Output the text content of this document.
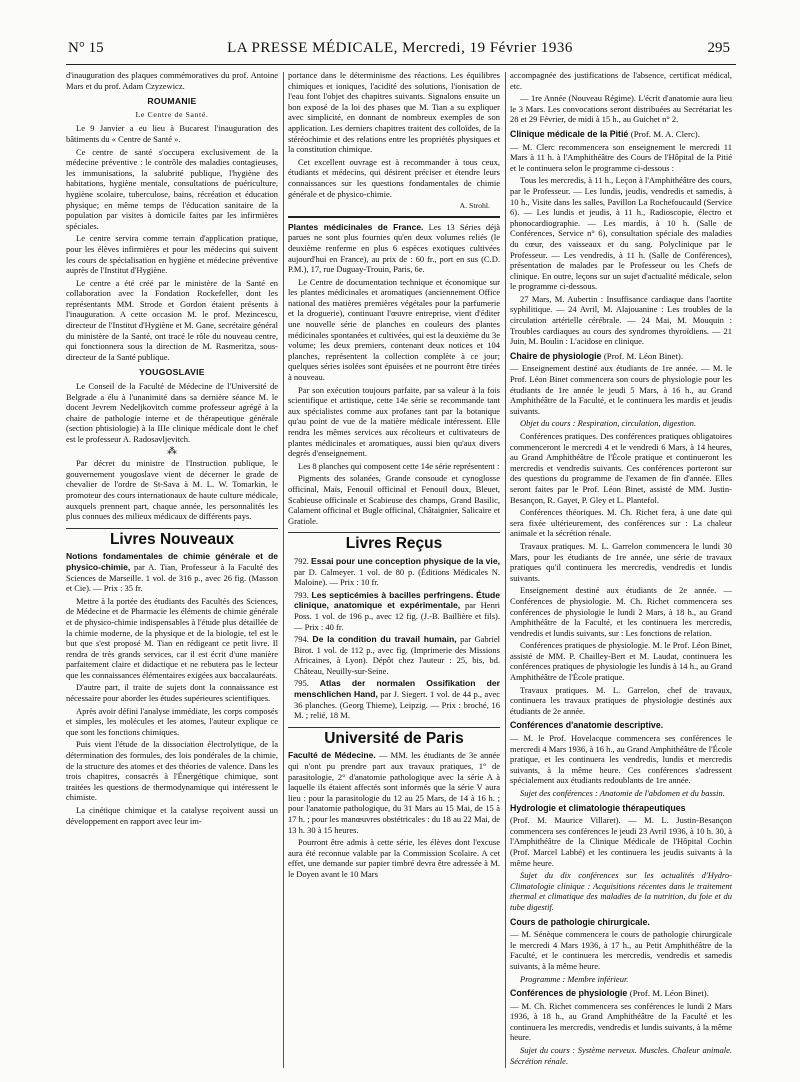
N° 15	LA PRESSE MÉDICALE, Mercredi, 19 Février 1936	295

d'inauguration des plaques commémoratives du prof. Antoine Mars et du prof. Adam Czyzewicz.

ROUMANIE
Le Centre de Santé.

Le 9 Janvier a eu lieu à Bucarest l'inauguration des bâtiments du « Centre de Santé ».

Ce centre de santé s'occupera exclusivement de la médecine préventive : le contrôle des maladies contagieuses, les immunisations, la salubrité publique, l'hygiène des habitations, hygiène mentale, consultations de puériculture, hygiène scolaire, tuberculose, bains, récréation et éducation physique; en même temps de l'éducation sanitaire de la population par visites à domicile faites par les infirmières spéciales.

Le centre servira comme terrain d'application pratique, pour les élèves infirmières et pour les médecins qui suivent les cours de spécialisation en hygiène et médecine préventive auprès de l'Institut d'Hygiène.

Le centre a été créé par le ministère de la Santé en collaboration avec la Fondation Rockefeller, dont les représentants MM. Strode et Gordon étaient présents à l'inauguration. A cette occasion M. le prof. Mezincescu, directeur de l'Institut d'Hygiène et M. Gane, secrétaire général du ministère de la Santé, ont tracé le rôle du nouveau centre, qui fonctionnera sous la direction de M. Rasmeritza, sous-directeur de la Santé publique.

YOUGOSLAVIE

Le Conseil de la Faculté de Médecine de l'Université de Belgrade a élu à l'unanimité dans sa dernière séance M. le docent Jevrem Nedeljkovitch comme professeur agrégé à la chaire de pathologie interne et de thérapeutique générale (section phtisiologie) à la IIIe clinique médicale dont le chef est le professeur A. Radosavljevitch.

⁂

Par décret du ministre de l'Instruction publique, le gouvernement yougoslave vient de décerner le grade de chevalier de l'ordre de St-Sava à M. L. W. Tomarkin, le promoteur des cours internationaux de haute culture médicale, auxquels prennent part, chaque année, les personnalités les plus connues des milieux médicaux de différents pays.

Livres Nouveaux

Notions fondamentales de chimie générale et de physico-chimie, par A. Tian, Professeur à la Faculté des Sciences de Marseille. 1 vol. de 316 p., avec 26 fig. (Masson et Cie). — Prix : 35 fr.

Mettre à la portée des étudiants des Facultés des Sciences, de Médecine et de Pharmacie les éléments de chimie générale et de physico-chimie indispensables à l'étude plus détaillée de la chimie moderne, de la physique et de la biologie, tel est le but que s'est proposé M. Tian en rédigeant ce petit livre. Il rendra de très grands services, car il est écrit d'une manière parfaitement claire et didactique et ne rebutera pas le lecteur que les connaissances élémentaires exigées aux baccalauréats.

D'autre part, il traite de sujets dont la connaissance est nécessaire pour aborder les études supérieures scientifiques.

Après avoir défini l'analyse immédiate, les corps composés et simples, les molécules et les atomes, l'auteur explique ce que sont les fonctions chimiques.

Puis vient l'étude de la dissociation électrolytique, de la détermination des formules, des lois pondérales de la chimie, de la structure des atomes et des théories de valence. Dans les trois chapitres, consacrés à l'Énergétique chimique, sont traitées les questions de thermodynamique qui intéressent le chimiste.

La cinétique chimique et la catalyse reçoivent aussi un développement en rapport avec leur im-

portance dans le déterminisme des réactions. Les équilibres chimiques et ioniques, l'acidité des solutions, l'ionisation de l'eau font l'objet des chapitres suivants. Signalons ensuite un bon exposé de la loi des phases que M. Tian a su expliquer avec simplicité, en donnant de nombreux exemples de son application. Les derniers chapitres traitent des colloïdes, de la stéréochimie et des relations entre les propriétés physiques et la constitution chimique.

Cet excellent ouvrage est à recommander à tous ceux, étudiants et médecins, qui désirent préciser et étendre leurs connaissances sur les questions fondamentales de chimie générale et de physico-chimie.

A. Strohl.

Plantes médicinales de France. Les 13 Séries déjà parues ne sont plus fournies qu'en deux volumes reliés (le deuxième renferme en plus 6 espèces exotiques cultivées aujourd'hui en France), au prix de : 60 fr., port en sus (C.D. P.M.), 17, rue Duguay-Trouin, Paris, 6e.

Le Centre de documentation technique et économique sur les plantes médicinales et aromatiques (anciennement Office national des matières premières végétales pour la parfumerie et la droguerie), continuant l'œuvre entreprise, vient d'éditer une nouvelle série de planches en couleurs des plantes médicinales spontanées et cultivées, qui est la deuxième du 3e volume; les deux premiers, contenant deux notices et 104 planches, représentent la collection complète à ce jour; quelques séries isolées sont épuisées et ne pourront être tirées à nouveau.

Par son exécution toujours parfaite, par sa valeur à la fois scientifique et artistique, cette 14e série se recommande tant aux spécialistes comme aux profanes tant par la botanique qu'au point de vue de la matière médicale intéressent. Elle rendra les mêmes services aux récolteurs et cultivateurs de plantes médicinales et aromatiques, aussi bien qu'aux divers degrés d'enseignement.

Les 8 planches qui composent cette 14e série représentent :

Pigments des solanées, Grande consoude et cynoglosse officinal, Maïs, Fenouil officinal et Fenouil doux, Bleuet, Scabieuse officinale et Scabieuse des champs, Grand Basilic, Calament officinal et Bugle officinal, Châtaignier, Salicaire et Gratiole.

Livres Reçus

792. Essai pour une conception physique de la vie, par D. Calmeyer. 1 vol. de 80 p. (Éditions Médicales N. Maloine). — Prix : 10 fr.

793. Les septicémies à bacilles perfringens. Étude clinique, anatomique et expérimentale, par Henri Poss. 1 vol. de 196 p., avec 12 fig. (J.-B. Baillière et fils). — Prix : 40 fr.

794. De la condition du travail humain, par Gabriel Birot. 1 vol. de 112 p., avec fig. (Imprimerie des Missions Africaines, à Lyon). Dépôt chez l'auteur : 25, bis, bd. Château, Neuilly-sur-Seine.

795. Atlas der normalen Ossifikation der menschlichen Hand, par J. Siegert. 1 vol. de 44 p., avec 36 planches. (Georg Thieme), Leipzig. — Prix : broché, 16 M. ; relié, 18 M.

Université de Paris

Faculté de Médecine. — MM. les étudiants de 3e année qui n'ont pu prendre part aux travaux pratiques, 1° de parasitologie, 2° d'anatomie pathologique avec la série A à laquelle ils étaient affectés sont informés que la série V aura lieu : pour la parasitologie du 12 au 25 Mars, de 14 à 16 h. ; pour l'anatomie pathologique, du 31 Mars au 15 Mai, de 15 à 17 h. ; pour les manœuvres obstétricales : du 18 au 22 Mai, de 13 h. 30 à 15 heures.

Pourront être admis à cette série, les élèves dont l'excuse aura été reconnue valable par la Commission Scolaire. A cet effet, une demande sur papier timbré devra être adressée à M. le Doyen avant le 10 Mars

accompagnée des justifications de l'absence, certificat médical, etc.

— 1re Année (Nouveau Régime). L'écrit d'anatomie aura lieu le 3 Mars. Les convocations seront distribuées au Secrétariat les 28 et 29 Février, de midi à 15 h., au Guichet n° 2.

Clinique médicale de la Pitié (Prof. M. A. Clerc).

— M. Clerc recommencera son enseignement le mercredi 11 Mars à 11 h. à l'Amphithéâtre des Cours de l'Hôpital de la Pitié et le continuera selon le programme ci-dessous :

Tous les mercredis, à 11 h., Leçon à l'Amphithéâtre des cours, par le Professeur. — Les lundis, jeudis, vendredis et samedis, à 10 h., Visite dans les salles, Pavillon La Rochefoucauld (Service 6). — Les lundis et jeudis, à 11 h., Radioscopie, électro et phonocardiographie. — Les mardis, à 10 h. (Salle de Conférences, Service n° 6), consultation spéciale des maladies du cœur, des vaisseaux et du sang. Polyclinique par le Professeur. — Les vendredis, à 11 h. (Salle de Conférences), présentation de malades par le Professeur ou les Chefs de clinique. En outre, leçons sur un sujet d'actualité médicale, selon le programme ci-dessous.

27 Mars, M. Aubertin : Insuffisance cardiaque dans l'aortite syphilitique. — 24 Avril, M. Alajouanine : Les troubles de la circulation artérielle cérébrale. — 24 Mai, M. Mouquin : Troubles cardiaques au cours des syndromes thyroïdiens. — 21 Juin, M. Boulin : L'acidose en clinique.

Chaire de physiologie (Prof. M. Léon Binet).

— Enseignement destiné aux étudiants de 1re année. — M. le Prof. Léon Binet commencera son cours de physiologie pour les étudiants de 1re année le jeudi 5 Mars, à 16 h., au Grand Amphithéâtre de la Faculté, et le continuera les mardis et jeudis suivants.

Objet du cours : Respiration, circulation, digestion.

Conférences pratiques. Des conférences pratiques obligatoires commenceront le mercredi 4 et le vendredi 6 Mars, à 14 heures, au Grand Amphithéâtre de l'École pratique et continueront les mercredis et vendredis suivants. Ces conférences porteront sur des questions du programme de l'examen de fin d'année. Elles seront faites par le Prof. Léon Binet, assisté de MM. Justin-Besançon, R. Gayet, P. Gley et L. Plantefol.

Conférences théoriques. M. Ch. Richet fera, à une date qui sera fixée ultérieurement, des conférences sur : La chaleur animale et la sécrétion rénale.

Travaux pratiques. M. L. Garrelon commencera le lundi 30 Mars, pour les étudiants de 1re année, une série de travaux pratiques qu'il continuera les mercredis, vendredis et lundis suivants.

Enseignement destiné aux étudiants de 2e année. — Conférences de physiologie. M. Ch. Richet commencera ses conférences de physiologie le lundi 2 Mars, à 18 h., au Grand Amphithéâtre de la Faculté, et les continuera les mercredis, vendredis et lundis suivants, sur : Les fonctions de relation.

Conférences pratiques de physiologie. M. le Prof. Léon Binet, assisté de MM. P. Chailley-Bert et M. Laudat, continuera les conférences pratiques de physiologie les lundis à 14 h., au Grand Amphithéâtre de l'École pratique.

Travaux pratiques. M. L. Garrelon, chef de travaux, continuera les travaux pratiques de physiologie destinés aux étudiants de 2e année.

Conférences d'anatomie descriptive.

— M. le Prof. Hovelacque commencera ses conférences le mercredi 4 Mars 1936, à 16 h., au Grand Amphithéâtre de l'École pratique, et les continuera les vendredis, lundis et mercredis suivants, à la même heure. Ces conférences s'adressent spécialement aux étudiants redoublants de 1re année.

Sujet des conférences : Anatomie de l'abdomen et du bassin.

Hydrologie et climatologie thérapeutiques

(Prof. M. Maurice Villaret). — M. L. Justin-Besançon commencera ses conférences le jeudi 23 Avril 1936, à 10 h. 30, à l'Amphithéâtre de la Clinique Médicale de l'Hôpital Cochin (Prof. Marcel Labbé) et les continuera les jeudis suivants à la même heure.

Sujet du dix conférences sur les actualités d'Hydro-Climatologie clinique : Acquisitions récentes dans le traitement thermal et climatique des maladies de la nutrition, du foie et du tube digestif.

Cours de pathologie chirurgicale.

— M. Sénèque commencera le cours de pathologie chirurgicale le mercredi 4 Mars 1936, à 17 h., au Petit Amphithéâtre de la Faculté, et le continuera les mercredis, vendredis et samedis suivants, à la même heure.

Programme : Membre inférieur.

Conférences de physiologie (Prof. M. Léon Binet).

— M. Ch. Richet commencera ses conférences le lundi 2 Mars 1936, à 18 h., au Grand Amphithéâtre de la Faculté et les continuera les mercredis, vendredis et lundis suivants, à la même heure.

Sujet du cours : Système nerveux. Muscles. Chaleur animale. Sécrétion rénale.
